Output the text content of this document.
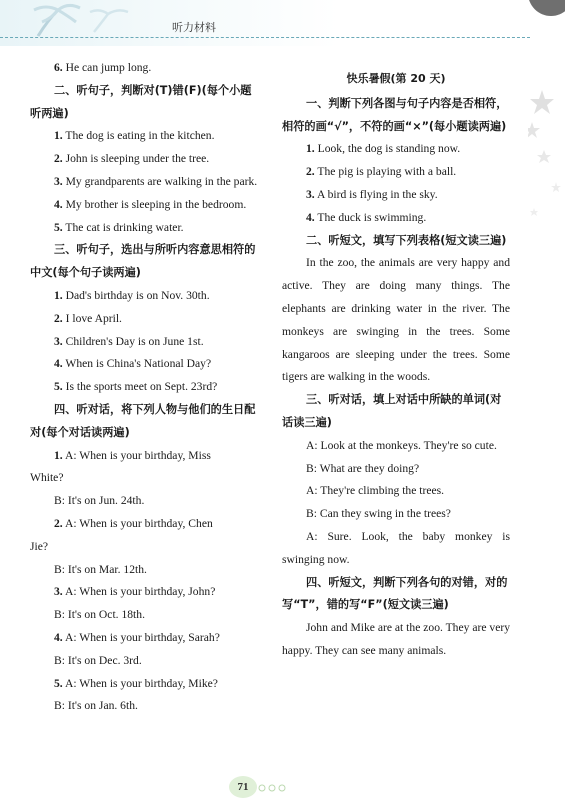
听力材料

6. He can jump long.

二、听句子，判断对(T)错(F)(每个小题听两遍)

1. The dog is eating in the kitchen.

2. John is sleeping under the tree.

3. My grandparents are walking in the park.

4. My brother is sleeping in the bedroom.

5. The cat is drinking water.

三、听句子，选出与所听内容意思相符的中文(每个句子读两遍)

1. Dad's birthday is on Nov. 30th.

2. I love April.

3. Children's Day is on June 1st.

4. When is China's National Day?

5. Is the sports meet on Sept. 23rd?

四、听对话，将下列人物与他们的生日配对(每个对话读两遍)

1. A: When is your birthday, Miss

White?

B: It's on Jun. 24th.

2. A: When is your birthday, Chen

Jie?

B: It's on Mar. 12th.

3. A: When is your birthday, John?

B: It's on Oct. 18th.

4. A: When is your birthday, Sarah?

B: It's on Dec. 3rd.

5. A: When is your birthday, Mike?

B: It's on Jan. 6th.

快乐暑假(第 20 天)

一、判断下列各图与句子内容是否相符，相符的画“√”，不符的画“×”(每小题读两遍)

1. Look, the dog is standing now.

2. The pig is playing with a ball.

3. A bird is flying in the sky.

4. The duck is swimming.

二、听短文，填写下列表格(短文读三遍)

In the zoo, the animals are very happy and active. They are doing many things. The elephants are drinking water in the river. The monkeys are swinging in the trees. Some kangaroos are sleeping under the trees. Some tigers are walking in the woods.

三、听对话，填上对话中所缺的单词(对话读三遍)

A: Look at the monkeys. They're so cute.

B: What are they doing?

A: They're climbing the trees.

B: Can they swing in the trees?

A: Sure. Look, the baby monkey is swinging now.

四、听短文，判断下列各句的对错，对的写“T”，错的写“F”(短文读三遍)

John and Mike are at the zoo. They are very happy. They can see many animals.

71
